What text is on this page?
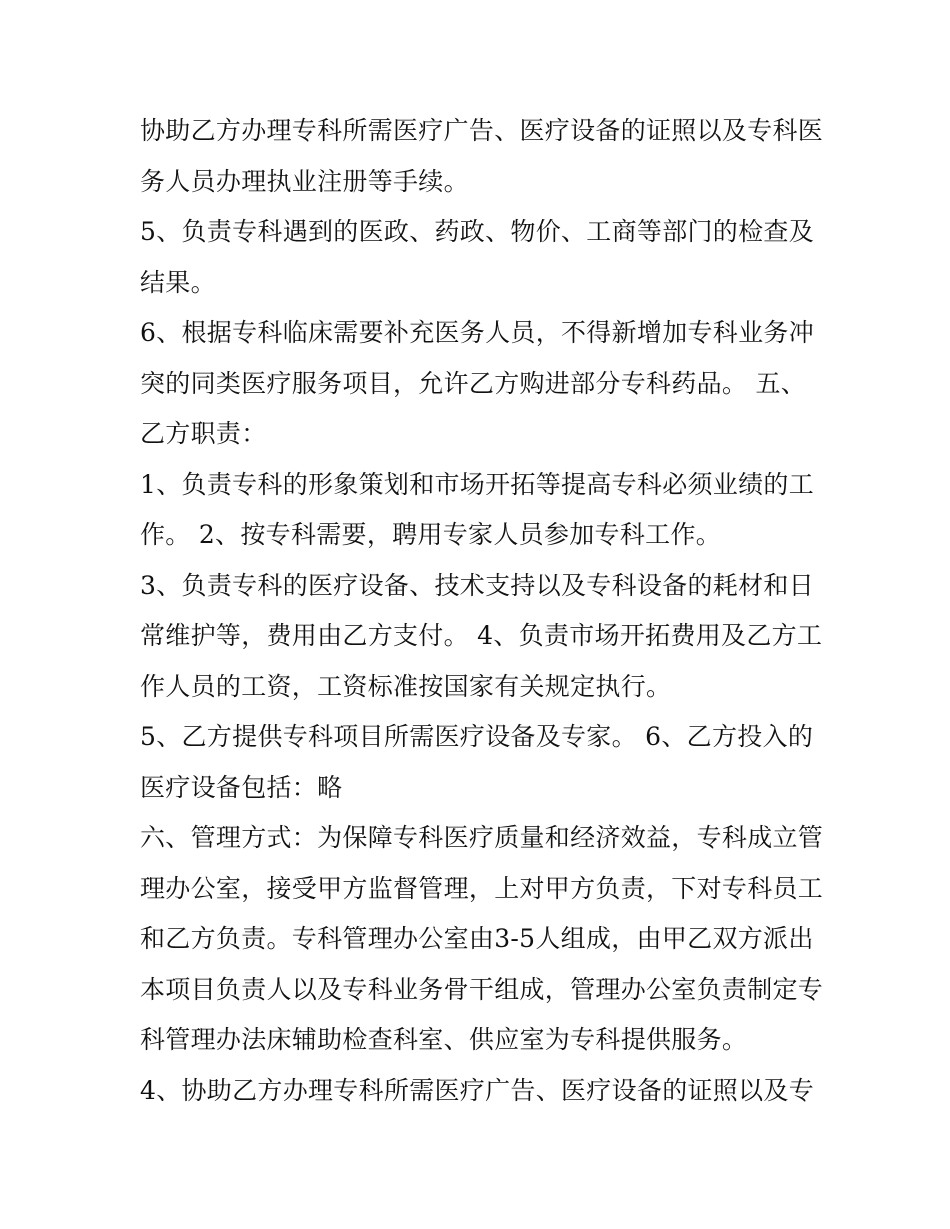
协助乙方办理专科所需医疗广告、医疗设备的证照以及专科医
务人员办理执业注册等手续。
5、负责专科遇到的医政、药政、物价、工商等部门的检查及
结果。
6、根据专科临床需要补充医务人员，不得新增加专科业务冲
突的同类医疗服务项目，允许乙方购进部分专科药品。 五、
乙方职责：
1、负责专科的形象策划和市场开拓等提高专科必须业绩的工
作。 2、按专科需要，聘用专家人员参加专科工作。
3、负责专科的医疗设备、技术支持以及专科设备的耗材和日
常维护等，费用由乙方支付。 4、负责市场开拓费用及乙方工
作人员的工资，工资标准按国家有关规定执行。
5、乙方提供专科项目所需医疗设备及专家。 6、乙方投入的
医疗设备包括：略
六、管理方式：为保障专科医疗质量和经济效益，专科成立管
理办公室，接受甲方监督管理，上对甲方负责，下对专科员工
和乙方负责。专科管理办公室由3-5人组成，由甲乙双方派出
本项目负责人以及专科业务骨干组成，管理办公室负责制定专
科管理办法床辅助检查科室、供应室为专科提供服务。
4、协助乙方办理专科所需医疗广告、医疗设备的证照以及专
